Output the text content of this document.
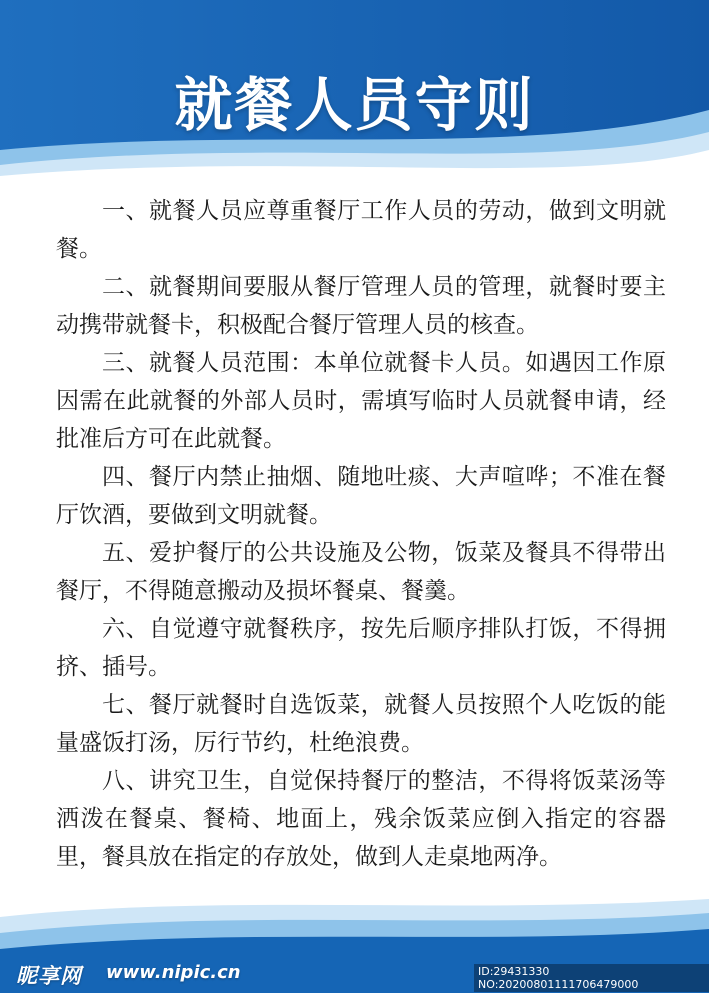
就餐人员守则

一、就餐人员应尊重餐厅工作人员的劳动，做到文明就餐。

二、就餐期间要服从餐厅管理人员的管理，就餐时要主动携带就餐卡，积极配合餐厅管理人员的核查。

三、就餐人员范围：本单位就餐卡人员。如遇因工作原因需在此就餐的外部人员时，需填写临时人员就餐申请，经批准后方可在此就餐。

四、餐厅内禁止抽烟、随地吐痰、大声喧哗；不准在餐厅饮酒，要做到文明就餐。

五、爱护餐厅的公共设施及公物，饭菜及餐具不得带出餐厅，不得随意搬动及损坏餐桌、餐羹。

六、自觉遵守就餐秩序，按先后顺序排队打饭，不得拥挤、插号。

七、餐厅就餐时自选饭菜，就餐人员按照个人吃饭的能量盛饭打汤，厉行节约，杜绝浪费。

八、讲究卫生，自觉保持餐厅的整洁，不得将饭菜汤等洒泼在餐桌、餐椅、地面上，残余饭菜应倒入指定的容器里，餐具放在指定的存放处，做到人走桌地两净。

昵享网 www.nipic.cn	ID:29431330 NO:20200801111706479000
